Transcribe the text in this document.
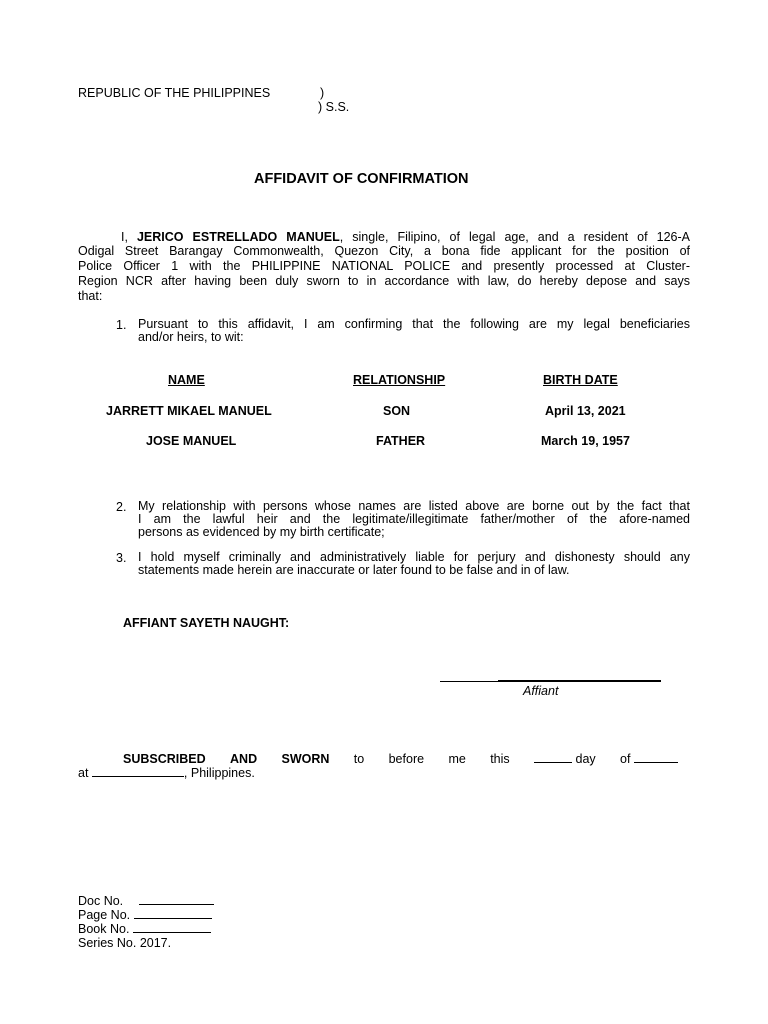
REPUBLIC OF THE PHILIPPINES	)
) S.S.
AFFIDAVIT OF CONFIRMATION
I, JERICO ESTRELLADO MANUEL, single, Filipino, of legal age, and a resident of 126-A
Odigal Street Barangay Commonwealth, Quezon City, a bona fide applicant for the position of
Police Officer 1 with the PHILIPPINE NATIONAL POLICE and presently processed at Cluster-
Region NCR after having been duly sworn to in accordance with law, do hereby depose and says
that:
1. Pursuant to this affidavit, I am confirming that the following are my legal beneficiaries
and/or heirs, to wit:
NAME	RELATIONSHIP	BIRTH DATE
JARRETT MIKAEL MANUEL	SON	April 13, 2021
JOSE MANUEL	FATHER	March 19, 1957
2. My relationship with persons whose names are listed above are borne out by the fact that
I am the lawful heir and the legitimate/illegitimate father/mother of the afore-named
persons as evidenced by my birth certificate;
3. I hold myself criminally and administratively liable for perjury and dishonesty should any
statements made herein are inaccurate or later found to be false and in of law.
AFFIANT SAYETH NAUGHT:
Affiant
SUBSCRIBED AND SWORN to before me this	day of
at	, Philippines.
Doc No.
Page No.
Book No.
Series No. 2017.
